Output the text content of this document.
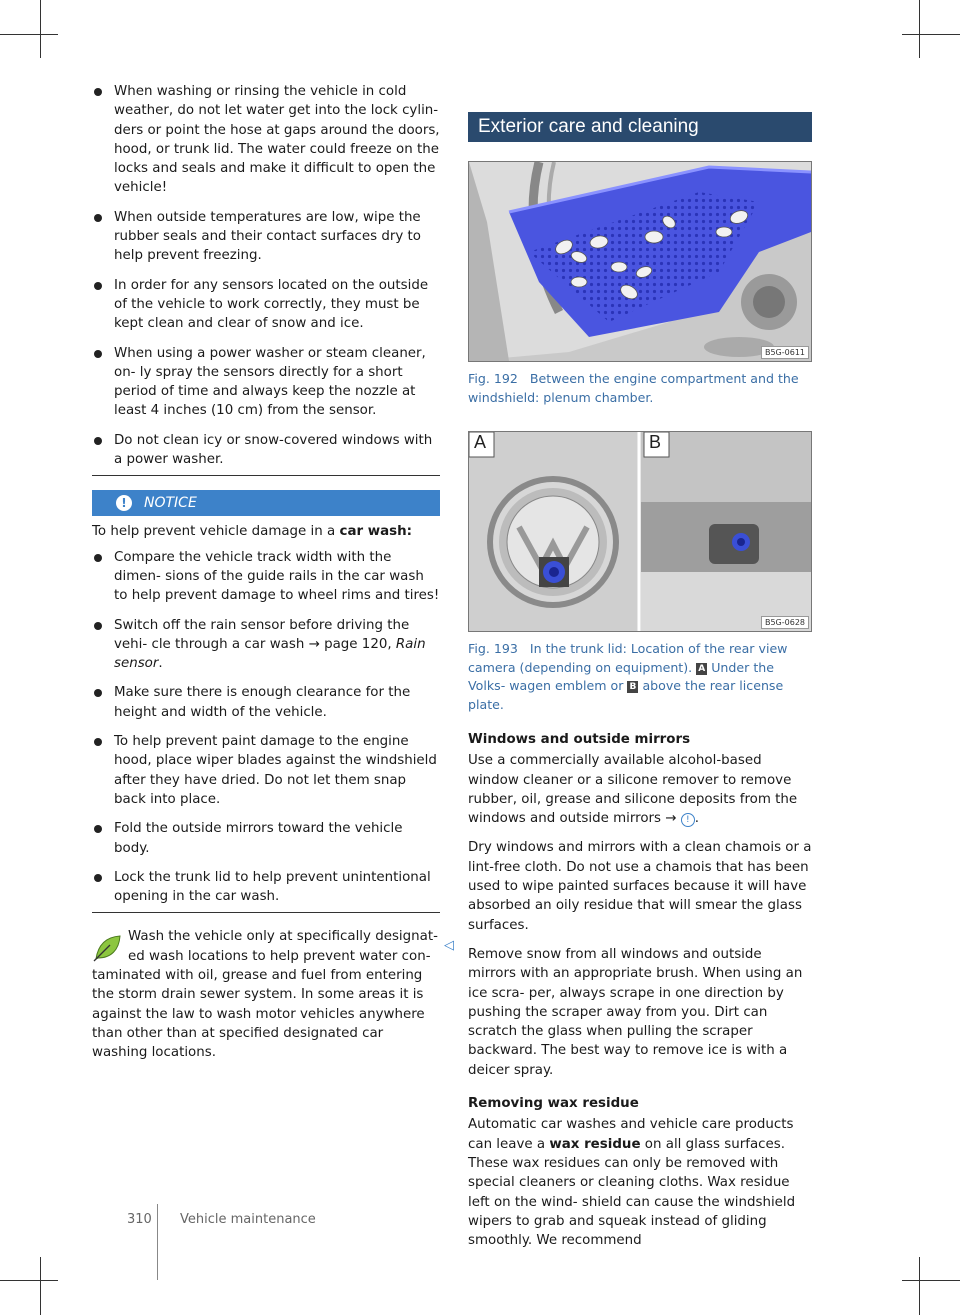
When washing or rinsing the vehicle in cold weather, do not let water get into the lock cylin- ders or point the hose at gaps around the doors, hood, or trunk lid. The water could freeze on the locks and seals and make it difficult to open the vehicle!
When outside temperatures are low, wipe the rubber seals and their contact surfaces dry to help prevent freezing.
In order for any sensors located on the outside of the vehicle to work correctly, they must be kept clean and clear of snow and ice.
When using a power washer or steam cleaner, on- ly spray the sensors directly for a short period of time and always keep the nozzle at least 4 inches (10 cm) from the sensor.
Do not clean icy or snow-covered windows with a power washer.
!	NOTICE

To help prevent vehicle damage in a car wash:

Compare the vehicle track width with the dimen- sions of the guide rails in the car wash to help prevent damage to wheel rims and tires!
Switch off the rain sensor before driving the vehi- cle through a car wash → page 120, Rain sensor.
Make sure there is enough clearance for the height and width of the vehicle.
To help prevent paint damage to the engine hood, place wiper blades against the windshield after they have dried. Do not let them snap back into place.
Fold the outside mirrors toward the vehicle body.
Lock the trunk lid to help prevent unintentional opening in the car wash.
Wash the vehicle only at specifically designat-
ed wash locations to help prevent water con-
taminated with oil, grease and fuel from entering the storm drain sewer system. In some areas it is against the law to wash motor vehicles anywhere than other than at specified designated car washing locations.
◁
Exterior care and cleaning
B5G-0611
Fig. 192 Between the engine compartment and the windshield: plenum chamber.
A	B
B5G-0628
Fig. 193 In the trunk lid: Location of the rear view camera (depending on equipment). A Under the Volks- wagen emblem or B above the rear license plate.
Windows and outside mirrors

Use a commercially available alcohol-based window cleaner or a silicone remover to remove rubber, oil, grease and silicone deposits from the windows and outside mirrors → ! .

Dry windows and mirrors with a clean chamois or a lint-free cloth. Do not use a chamois that has been used to wipe painted surfaces because it will have absorbed an oily residue that will smear the glass surfaces.

Remove snow from all windows and outside mirrors with an appropriate brush. When using an ice scra- per, always scrape in one direction by pushing the scraper away from you. Dirt can scratch the glass when pulling the scraper backward. The best way to remove ice is with a deicer spray.

Removing wax residue

Automatic car washes and vehicle care products can leave a wax residue on all glass surfaces. These wax residues can only be removed with special cleaners or cleaning cloths. Wax residue left on the wind- shield can cause the windshield wipers to grab and squeak instead of gliding smoothly. We recommend

310 Vehicle maintenance
